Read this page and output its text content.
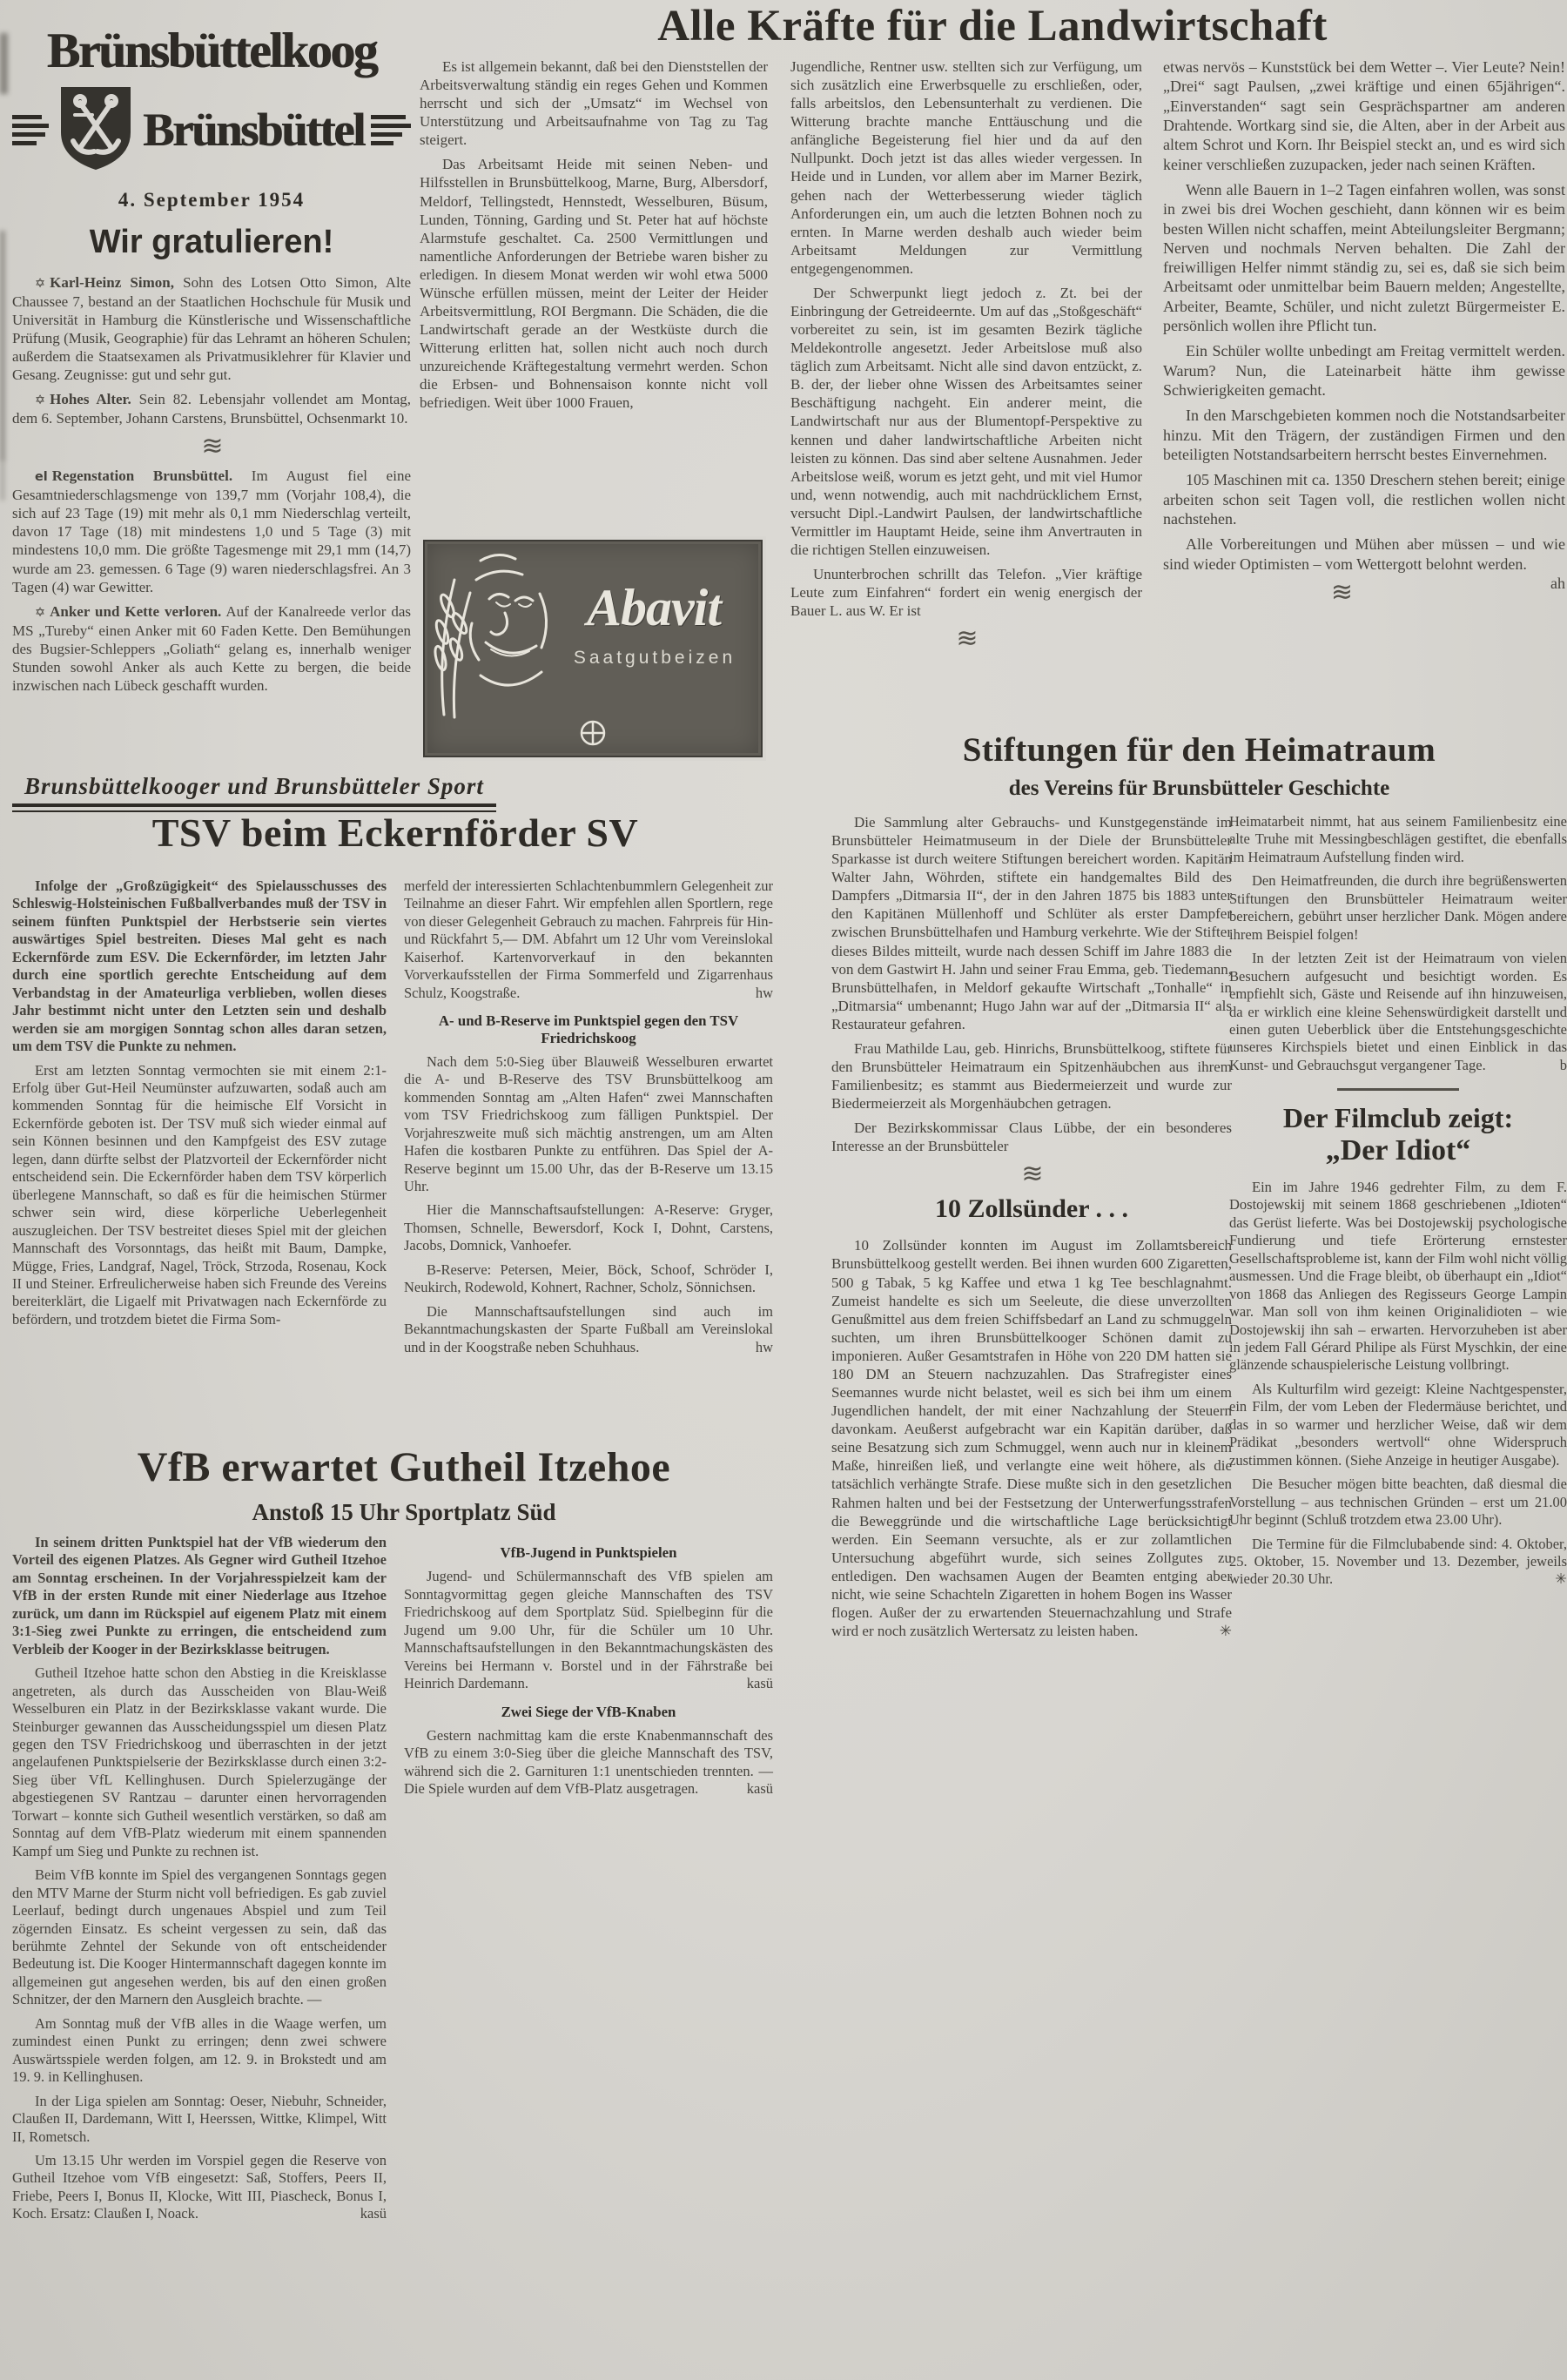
Brünsbüttelkoog
Brünsbüttel
4. September 1954
Wir gratulieren!

✡ Karl-Heinz Simon, Sohn des Lotsen Otto Simon, Alte Chaussee 7, bestand an der Staatlichen Hochschule für Musik und Universität in Hamburg die Künstlerische und Wissenschaftliche Prüfung (Musik, Geographie) für das Lehramt an höheren Schulen; außerdem die Staatsexamen als Privatmusiklehrer für Klavier und Gesang. Zeugnisse: gut und sehr gut.

✡ Hohes Alter. Sein 82. Lebensjahr vollendet am Montag, dem 6. September, Johann Carstens, Brunsbüttel, Ochsenmarkt 10.

≋

el Regenstation Brunsbüttel. Im August fiel eine Gesamtniederschlagsmenge von 139,7 mm (Vorjahr 108,4), die sich auf 23 Tage (19) mit mehr als 0,1 mm Niederschlag verteilt, davon 17 Tage (18) mit mindestens 1,0 und 5 Tage (3) mit mindestens 10,0 mm. Die größte Tagesmenge mit 29,1 mm (14,7) wurde am 23. gemessen. 6 Tage (9) waren niederschlagsfrei. An 3 Tagen (4) war Gewitter.

✡ Anker und Kette verloren. Auf der Kanalreede verlor das MS „Tureby“ einen Anker mit 60 Faden Kette. Den Bemühungen des Bugsier-Schleppers „Goliath“ gelang es, innerhalb weniger Stunden sowohl Anker als auch Kette zu bergen, die beide inzwischen nach Lübeck geschafft wurden.

Alle Kräfte für die Landwirtschaft

Es ist allgemein bekannt, daß bei den Dienststellen der Arbeitsverwaltung ständig ein reges Gehen und Kommen herrscht und sich der „Umsatz“ im Wechsel von Unterstützung und Arbeitsaufnahme von Tag zu Tag steigert.

Das Arbeitsamt Heide mit seinen Neben- und Hilfsstellen in Brunsbüttelkoog, Marne, Burg, Albersdorf, Meldorf, Tellingstedt, Hennstedt, Wesselburen, Büsum, Lunden, Tönning, Garding und St. Peter hat auf höchste Alarmstufe geschaltet. Ca. 2500 Vermittlungen und namentliche Anforderungen der Betriebe waren bisher zu erledigen. In diesem Monat werden wir wohl etwa 5000 Wünsche erfüllen müssen, meint der Leiter der Heider Arbeitsvermittlung, ROI Bergmann. Die Schäden, die die Landwirtschaft gerade an der Westküste durch die Witterung erlitten hat, sollen nicht auch noch durch unzureichende Kräftegestaltung vermehrt werden. Schon die Erbsen- und Bohnensaison konnte nicht voll befriedigen. Weit über 1000 Frauen,

Jugendliche, Rentner usw. stellten sich zur Verfügung, um sich zusätzlich eine Erwerbsquelle zu erschließen, oder, falls arbeitslos, den Lebensunterhalt zu verdienen. Die Witterung brachte manche Enttäuschung und die anfängliche Begeisterung fiel hier und da auf den Nullpunkt. Doch jetzt ist das alles wieder vergessen. In Heide und in Lunden, vor allem aber im Marner Bezirk, gehen nach der Wetterbesserung wieder täglich Anforderungen ein, um auch die letzten Bohnen noch zu ernten. In Marne werden deshalb auch wieder beim Arbeitsamt Meldungen zur Vermittlung entgegengenommen.

Der Schwerpunkt liegt jedoch z. Zt. bei der Einbringung der Getreideernte. Um auf das „Stoßgeschäft“ vorbereitet zu sein, ist im gesamten Bezirk tägliche Meldekontrolle angesetzt. Jeder Arbeitslose muß also täglich zum Arbeitsamt. Nicht alle sind davon entzückt, z. B. der, der lieber ohne Wissen des Arbeitsamtes seiner Beschäftigung nachgeht. Ein anderer meint, die Landwirtschaft nur aus der Blumentopf-Perspektive zu kennen und daher landwirtschaftliche Arbeiten nicht leisten zu können. Das sind aber seltene Ausnahmen. Jeder Arbeitslose weiß, worum es jetzt geht, und mit viel Humor und, wenn notwendig, auch mit nachdrücklichem Ernst, versucht Dipl.-Landwirt Paulsen, der landwirtschaftliche Vermittler im Hauptamt Heide, seine ihm Anvertrauten in die richtigen Stellen einzuweisen.

Ununterbrochen schrillt das Telefon. „Vier kräftige Leute zum Einfahren“ fordert ein wenig energisch der Bauer L. aus W. Er ist

≋

etwas nervös – Kunststück bei dem Wetter –. Vier Leute? Nein! „Drei“ sagt Paulsen, „zwei kräftige und einen 65jährigen“. „Einverstanden“ sagt sein Gesprächspartner am anderen Drahtende. Wortkarg sind sie, die Alten, aber in der Arbeit aus altem Schrot und Korn. Ihr Beispiel steckt an, und es wird sich keiner verschließen zuzupacken, jeder nach seinen Kräften.

Wenn alle Bauern in 1–2 Tagen einfahren wollen, was sonst in zwei bis drei Wochen geschieht, dann können wir es beim besten Willen nicht schaffen, meint Abteilungsleiter Bergmann; Nerven und nochmals Nerven behalten. Die Zahl der freiwilligen Helfer nimmt ständig zu, sei es, daß sie sich beim Arbeitsamt oder unmittelbar beim Bauern melden; Angestellte, Arbeiter, Beamte, Schüler, und nicht zuletzt Bürgermeister E. persönlich wollen ihre Pflicht tun.

Ein Schüler wollte unbedingt am Freitag vermittelt werden. Warum? Nun, die Lateinarbeit hätte ihm gewisse Schwierigkeiten gemacht.

In den Marschgebieten kommen noch die Notstandsarbeiter hinzu. Mit den Trägern, der zuständigen Firmen und den beteiligten Notstandsarbeitern herrscht bestes Einvernehmen.

105 Maschinen mit ca. 1350 Dreschern stehen bereit; einige arbeiten schon seit Tagen voll, die restlichen wollen nicht nachstehen.

Alle Vorbereitungen und Mühen aber müssen – und wie sind wieder Optimisten – vom Wettergott belohnt werden.
ah

≋
Abavit
Saatgutbeizen
Stiftungen für den Heimatraum
des Vereins für Brunsbütteler Geschichte

Die Sammlung alter Gebrauchs- und Kunstgegenstände im Brunsbütteler Heimatmuseum in der Diele der Brunsbütteler Sparkasse ist durch weitere Stiftungen bereichert worden. Kapitän Walter Jahn, Wöhrden, stiftete ein handgemaltes Bild des Dampfers „Ditmarsia II“, der in den Jahren 1875 bis 1883 unter den Kapitänen Müllenhoff und Schlüter als erster Dampfer zwischen Brunsbüttelhafen und Hamburg verkehrte. Wie der Stifter dieses Bildes mitteilt, wurde nach dessen Schiff im Jahre 1883 die von dem Gastwirt H. Jahn und seiner Frau Emma, geb. Tiedemann, Brunsbüttelhafen, in Meldorf gekaufte Wirtschaft „Tonhalle“ in „Ditmarsia“ umbenannt; Hugo Jahn war auf der „Ditmarsia II“ als Restaurateur gefahren.

Frau Mathilde Lau, geb. Hinrichs, Brunsbüttelkoog, stiftete für den Brunsbütteler Heimatraum ein Spitzenhäubchen aus ihrem Familienbesitz; es stammt aus Biedermeierzeit und wurde zur Biedermeierzeit als Morgenhäubchen getragen.

Der Bezirkskommissar Claus Lübbe, der ein besonderes Interesse an der Brunsbütteler

≋
10 Zollsünder . . .

10 Zollsünder konnten im August im Zollamtsbereich Brunsbüttelkoog gestellt werden. Bei ihnen wurden 600 Zigaretten, 500 g Tabak, 5 kg Kaffee und etwa 1 kg Tee beschlagnahmt. Zumeist handelte es sich um Seeleute, die diese unverzollten Genußmittel aus dem freien Schiffsbedarf an Land zu schmuggeln suchten, um ihren Brunsbüttelkooger Schönen damit zu imponieren. Außer Gesamtstrafen in Höhe von 220 DM hatten sie 180 DM an Steuern nachzuzahlen. Das Strafregister eines Seemannes wurde nicht belastet, weil es sich bei ihm um einem Jugendlichen handelt, der mit einer Nachzahlung der Steuern davonkam. Aeußerst aufgebracht war ein Kapitän darüber, daß seine Besatzung sich zum Schmuggel, wenn auch nur in kleinem Maße, hinreißen ließ, und verlangte eine weit höhere, als die tatsächlich verhängte Strafe. Diese mußte sich in den gesetzlichen Rahmen halten und bei der Festsetzung der Unterwerfungsstrafen die Beweggründe und die wirtschaftliche Lage berücksichtigt werden. Ein Seemann versuchte, als er zur zollamtlichen Untersuchung abgeführt wurde, sich seines Zollgutes zu entledigen. Den wachsamen Augen der Beamten entging aber nicht, wie seine Schachteln Zigaretten in hohem Bogen ins Wasser flogen. Außer der zu erwartenden Steuernachzahlung und Strafe wird er noch zusätzlich Wertersatz zu leisten haben.	✳

Heimatarbeit nimmt, hat aus seinem Familienbesitz eine alte Truhe mit Messingbeschlägen gestiftet, die ebenfalls im Heimatraum Aufstellung finden wird.

Den Heimatfreunden, die durch ihre begrüßenswerten Stiftungen den Brunsbütteler Heimatraum weiter bereichern, gebührt unser herzlicher Dank. Mögen andere ihrem Beispiel folgen!

In der letzten Zeit ist der Heimatraum von vielen Besuchern aufgesucht und besichtigt worden. Es empfiehlt sich, Gäste und Reisende auf ihn hinzuweisen, da er wirklich eine kleine Sehenswürdigkeit darstellt und einen guten Ueberblick über die Entstehungsgeschichte unseres Kirchspiels bietet und einen Einblick in das Kunst- und Gebrauchsgut vergangener Tage.	b

Der Filmclub zeigt:
„Der Idiot“

Ein im Jahre 1946 gedrehter Film, zu dem F. Dostojewskij mit seinem 1868 geschriebenen „Idioten“ das Gerüst lieferte. Was bei Dostojewskij psychologische Fundierung und tiefe Erörterung ernstester Gesellschaftsprobleme ist, kann der Film wohl nicht völlig ausmessen. Und die Frage bleibt, ob überhaupt ein „Idiot“ von 1868 das Anliegen des Regisseurs George Lampin war. Man soll von ihm keinen Originalidioten – wie Dostojewskij ihn sah – erwarten. Hervorzuheben ist aber in jedem Fall Gérard Philipe als Fürst Myschkin, der eine glänzende schauspielerische Leistung vollbringt.

Als Kulturfilm wird gezeigt: Kleine Nachtgespenster, ein Film, der vom Leben der Fledermäuse berichtet, und das in so warmer und herzlicher Weise, daß wir dem Prädikat „besonders wertvoll“ ohne Widerspruch zustimmen können. (Siehe Anzeige in heutiger Ausgabe).

Die Besucher mögen bitte beachten, daß diesmal die Vorstellung – aus technischen Gründen – erst um 21.00 Uhr beginnt (Schluß trotzdem etwa 23.00 Uhr).

Die Termine für die Filmclubabende sind: 4. Oktober, 25. Oktober, 15. November und 13. Dezember, jeweils wieder 20.30 Uhr.	✳

Brunsbüttelkooger und Brunsbütteler Sport
TSV beim Eckernförder SV

Infolge der „Großzügigkeit“ des Spielausschusses des Schleswig-Holsteinischen Fußballverbandes muß der TSV in seinem fünften Punktspiel der Herbstserie sein viertes auswärtiges Spiel bestreiten. Dieses Mal geht es nach Eckernförde zum ESV. Die Eckernförder, im letzten Jahr durch eine sportlich gerechte Entscheidung auf dem Verbandstag in der Amateurliga verblieben, wollen dieses Jahr bestimmt nicht unter den Letzten sein und deshalb werden sie am morgigen Sonntag schon alles daran setzen, um dem TSV die Punkte zu nehmen.

Erst am letzten Sonntag vermochten sie mit einem 2:1-Erfolg über Gut-Heil Neumünster aufzuwarten, sodaß auch am kommenden Sonntag für die heimische Elf Vorsicht in Eckernförde geboten ist. Der TSV muß sich wieder einmal auf sein Können besinnen und den Kampfgeist des ESV zutage legen, dann dürfte selbst der Platzvorteil der Eckernförder nicht entscheidend sein. Die Eckernförder haben dem TSV körperlich überlegene Mannschaft, so daß es für die heimischen Stürmer schwer sein wird, diese körperliche Ueberlegenheit auszugleichen. Der TSV bestreitet dieses Spiel mit der gleichen Mannschaft des Vorsonntags, das heißt mit Baum, Dampke, Mügge, Fries, Landgraf, Nagel, Tröck, Strzoda, Rosenau, Kock II und Steiner. Erfreulicherweise haben sich Freunde des Vereins bereiterklärt, die Ligaelf mit Privatwagen nach Eckernförde zu befördern, und trotzdem bietet die Firma Som-

merfeld der interessierten Schlachtenbummlern Gelegenheit zur Teilnahme an dieser Fahrt. Wir empfehlen allen Sportlern, rege von dieser Gelegenheit Gebrauch zu machen. Fahrpreis für Hin- und Rückfahrt 5,— DM. Abfahrt um 12 Uhr vom Vereinslokal Kaiserhof. Kartenvorverkauf in den bekannten Vorverkaufsstellen der Firma Sommerfeld und Zigarrenhaus Schulz, Koogstraße.	hw

A- und B-Reserve im Punktspiel gegen den TSV Friedrichskoog

Nach dem 5:0-Sieg über Blauweiß Wesselburen erwartet die A- und B-Reserve des TSV Brunsbüttelkoog am kommenden Sonntag am „Alten Hafen“ zwei Mannschaften vom TSV Friedrichskoog zum fälligen Punktspiel. Der Vorjahreszweite muß sich mächtig anstrengen, um am Alten Hafen die kostbaren Punkte zu entführen. Das Spiel der A-Reserve beginnt um 15.00 Uhr, das der B-Reserve um 13.15 Uhr.

Hier die Mannschaftsaufstellungen: A-Reserve: Gryger, Thomsen, Schnelle, Bewersdorf, Kock I, Dohnt, Carstens, Jacobs, Domnick, Vanhoefer.

B-Reserve: Petersen, Meier, Böck, Schoof, Schröder I, Neukirch, Rodewold, Kohnert, Rachner, Scholz, Sönnichsen.

Die Mannschaftsaufstellungen sind auch im Bekanntmachungskasten der Sparte Fußball am Vereinslokal und in der Koogstraße neben Schuhhaus.	hw

VfB erwartet Gutheil Itzehoe
Anstoß 15 Uhr Sportplatz Süd

In seinem dritten Punktspiel hat der VfB wiederum den Vorteil des eigenen Platzes. Als Gegner wird Gutheil Itzehoe am Sonntag erscheinen. In der Vorjahresspielzeit kam der VfB in der ersten Runde mit einer Niederlage aus Itzehoe zurück, um dann im Rückspiel auf eigenem Platz mit einem 3:1-Sieg zwei Punkte zu erringen, die entscheidend zum Verbleib der Kooger in der Bezirksklasse beitrugen.

Gutheil Itzehoe hatte schon den Abstieg in die Kreisklasse angetreten, als durch das Ausscheiden von Blau-Weiß Wesselburen ein Platz in der Bezirksklasse vakant wurde. Die Steinburger gewannen das Ausscheidungsspiel um diesen Platz gegen den TSV Friedrichskoog und überraschten in der jetzt angelaufenen Punktspielserie der Bezirksklasse durch einen 3:2-Sieg über VfL Kellinghusen. Durch Spielerzugänge der abgestiegenen SV Rantzau – darunter einen hervorragenden Torwart – konnte sich Gutheil wesentlich verstärken, so daß am Sonntag auf dem VfB-Platz wiederum mit einem spannenden Kampf um Sieg und Punkte zu rechnen ist.

Beim VfB konnte im Spiel des vergangenen Sonntags gegen den MTV Marne der Sturm nicht voll befriedigen. Es gab zuviel Leerlauf, bedingt durch ungenaues Abspiel und zum Teil zögernden Einsatz. Es scheint vergessen zu sein, daß das berühmte Zehntel der Sekunde von oft entscheidender Bedeutung ist. Die Kooger Hintermannschaft dagegen konnte im allgemeinen gut angesehen werden, bis auf den einen großen Schnitzer, der den Marnern den Ausgleich brachte. —

Am Sonntag muß der VfB alles in die Waage werfen, um zumindest einen Punkt zu erringen; denn zwei schwere Auswärtsspiele werden folgen, am 12. 9. in Brokstedt und am 19. 9. in Kellinghusen.

In der Liga spielen am Sonntag: Oeser, Niebuhr, Schneider, Claußen II, Dardemann, Witt I, Heerssen, Wittke, Klimpel, Witt II, Rometsch.

Um 13.15 Uhr werden im Vorspiel gegen die Reserve von Gutheil Itzehoe vom VfB eingesetzt: Saß, Stoffers, Peers II, Friebe, Peers I, Bonus II, Klocke, Witt III, Piascheck, Bonus I, Koch. Ersatz: Claußen I, Noack.	kasü

VfB-Jugend in Punktspielen

Jugend- und Schülermannschaft des VfB spielen am Sonntagvormittag gegen gleiche Mannschaften des TSV Friedrichskoog auf dem Sportplatz Süd. Spielbeginn für die Jugend um 9.00 Uhr, für die Schüler um 10 Uhr. Mannschaftsaufstellungen in den Bekanntmachungskästen des Vereins bei Hermann v. Borstel und in der Fährstraße bei Heinrich Dardemann.	kasü

Zwei Siege der VfB-Knaben

Gestern nachmittag kam die erste Knabenmannschaft des VfB zu einem 3:0-Sieg über die gleiche Mannschaft des TSV, während sich die 2. Garnituren 1:1 unentschieden trennten. — Die Spiele wurden auf dem VfB-Platz ausgetragen.	kasü
